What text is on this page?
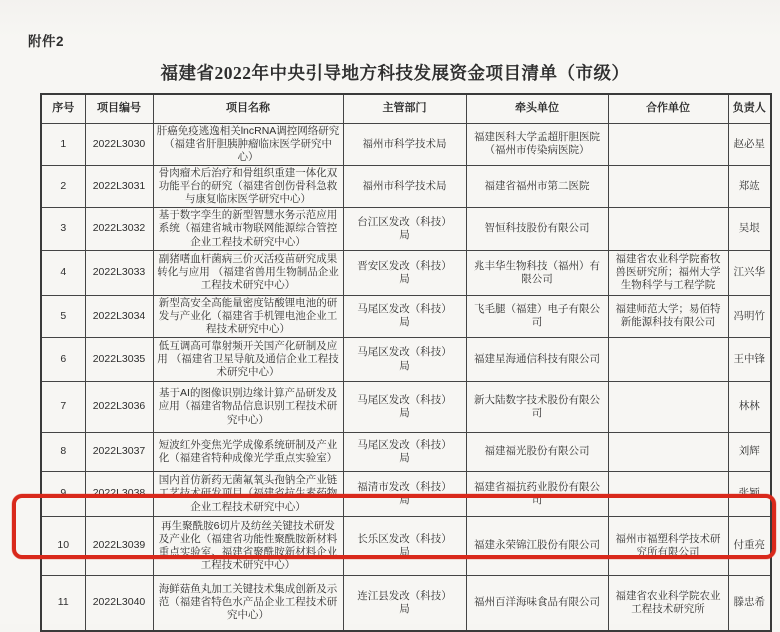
附件2
福建省2022年中央引导地方科技发展资金项目清单（市级）
序号	项目编号	项目名称	主管部门	牵头单位	合作单位	负责人
1	2022L3030	肝癌免疫逃逸相关lncRNA调控网络研究（福建省肝胆胰肿瘤临床医学研究中心）	福州市科学技术局	福建医科大学孟超肝胆医院（福州市传染病医院）		赵必星
2	2022L3031	骨肉瘤术后治疗和骨组织重建一体化双功能平台的研究（福建省创伤骨科急救与康复临床医学研究中心）	福州市科学技术局	福建省福州市第二医院		郑竑
3	2022L3032	基于数字孪生的新型智慧水务示范应用系统（福建省城市物联网能源综合管控企业工程技术研究中心）	台江区发改（科技）局	智恒科技股份有限公司		吴垠
4	2022L3033	副猪嗜血杆菌病三价灭活疫苗研究成果转化与应用 （福建省兽用生物制品企业工程技术研究中心）	晋安区发改（科技）局	兆丰华生物科技（福州）有限公司	福建省农业科学院畜牧兽医研究所；福州大学生物科学与工程学院	江兴华
5	2022L3034	新型高安全高能量密度钴酸锂电池的研发与产业化（福建省手机锂电池企业工程技术研究中心）	马尾区发改（科技）局	飞毛腿（福建）电子有限公司	福建师范大学；易佰特新能源科技有限公司	冯明竹
6	2022L3035	低互调高可靠射频开关国产化研制及应用 （福建省卫星导航及通信企业工程技术研究中心）	马尾区发改（科技）局	福建星海通信科技有限公司		王中锋
7	2022L3036	基于AI的图像识别边缘计算产品研发及应用（福建省物品信息识别工程技术研究中心）	马尾区发改（科技）局	新大陆数字技术股份有限公司		林林
8	2022L3037	短波红外变焦光学成像系统研制及产业化（福建省特种成像光学重点实验室）	马尾区发改（科技）局	福建福光股份有限公司		刘辉
9	2022L3038	国内首仿新药无菌氟氧头孢钠全产业链工艺技术研发项目（福建省抗生素药物企业工程技术研究中心）	福清市发改（科技）局	福建省福抗药业股份有限公司		张颖
10	2022L3039	再生聚酰胺6切片及纺丝关键技术研发及产业化（福建省功能性聚酰胺新材料重点实验室、福建省聚酰胺新材料企业工程技术研究中心）	长乐区发改（科技）局	福建永荣锦江股份有限公司	福州市福塑科学技术研究所有限公司	付重亮
11	2022L3040	海鲜菇鱼丸加工关键技术集成创新及示范（福建省特色水产品企业工程技术研究中心）	连江县发改（科技）局	福州百洋海味食品有限公司	福建省农业科学院农业工程技术研究所	滕忠希
